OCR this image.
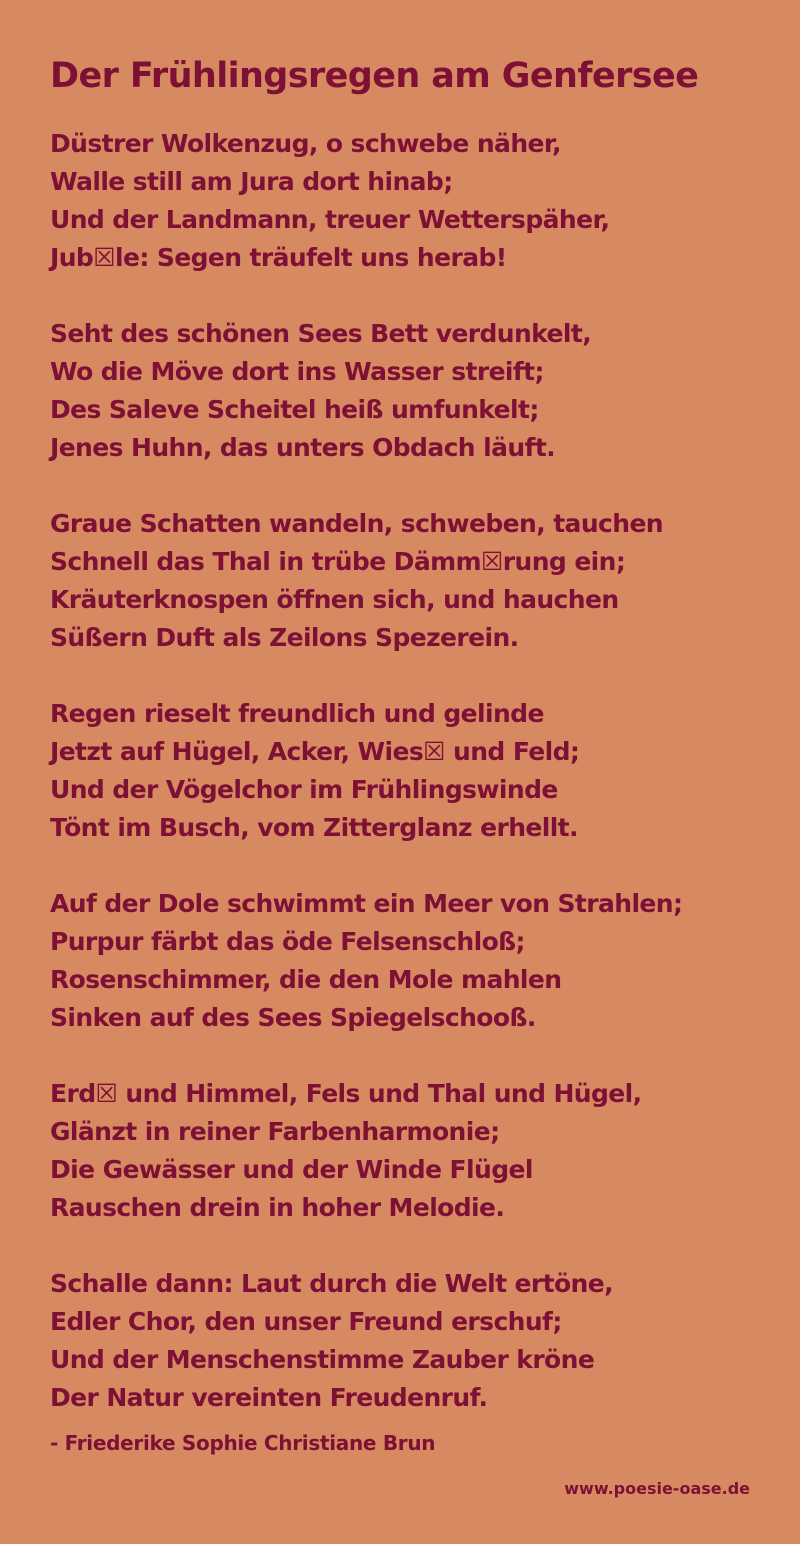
Der Frühlingsregen am Genfersee
Düstrer Wolkenzug, o schwebe näher,
Walle still am Jura dort hinab;
Und der Landmann, treuer Wetterspäher,
Jub☒le: Segen träufelt uns herab!
Seht des schönen Sees Bett verdunkelt,
Wo die Möve dort ins Wasser streift;
Des Saleve Scheitel heiß umfunkelt;
Jenes Huhn, das unters Obdach läuft.
Graue Schatten wandeln, schweben, tauchen
Schnell das Thal in trübe Dämm☒rung ein;
Kräuterknospen öffnen sich, und hauchen
Süßern Duft als Zeilons Spezerein.
Regen rieselt freundlich und gelinde
Jetzt auf Hügel, Acker, Wies☒ und Feld;
Und der Vögelchor im Frühlingswinde
Tönt im Busch, vom Zitterglanz erhellt.
Auf der Dole schwimmt ein Meer von Strahlen;
Purpur färbt das öde Felsenschloß;
Rosenschimmer, die den Mole mahlen
Sinken auf des Sees Spiegelschooß.
Erd☒ und Himmel, Fels und Thal und Hügel,
Glänzt in reiner Farbenharmonie;
Die Gewässer und der Winde Flügel
Rauschen drein in hoher Melodie.
Schalle dann: Laut durch die Welt ertöne,
Edler Chor, den unser Freund erschuf;
Und der Menschenstimme Zauber kröne
Der Natur vereinten Freudenruf.
- Friederike Sophie Christiane Brun
www.poesie-oase.de
